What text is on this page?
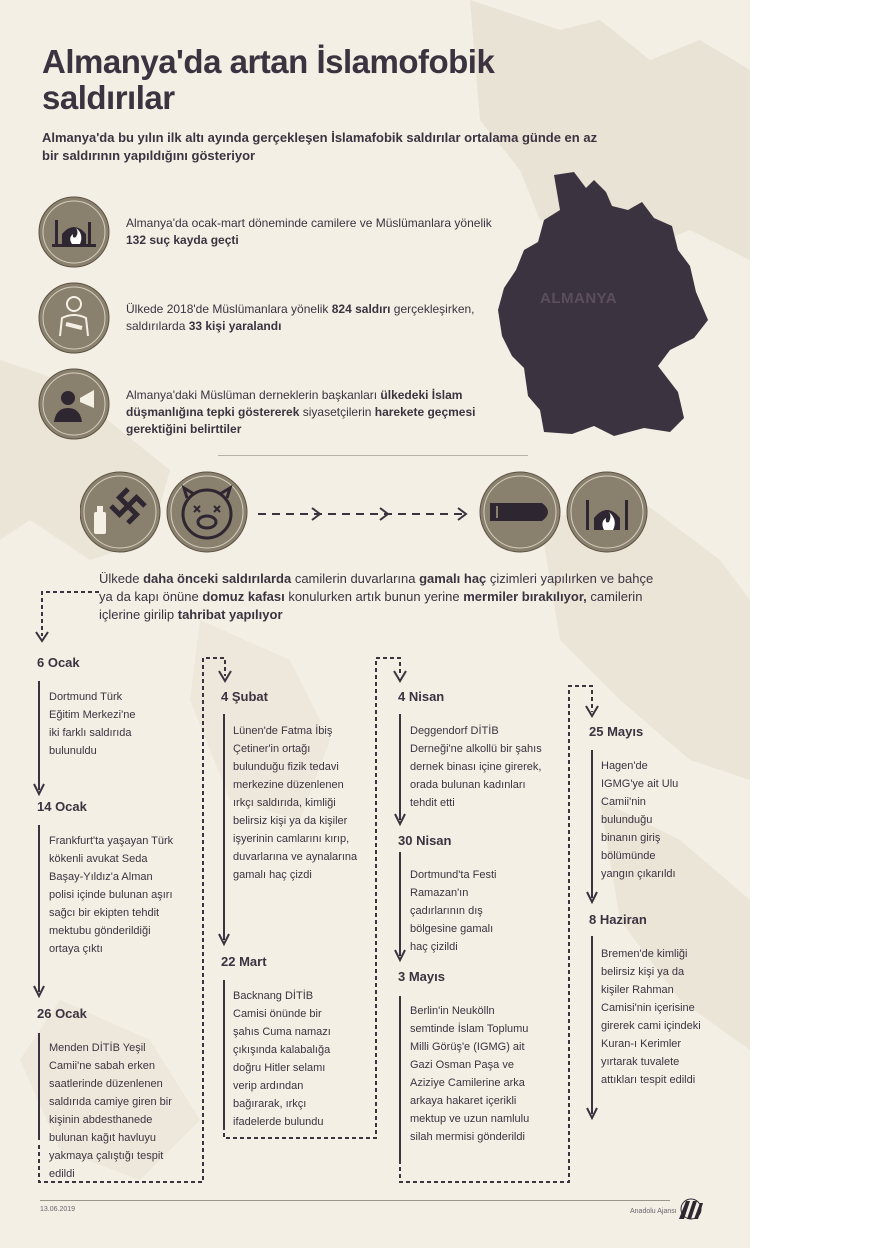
Almanya'da artan İslamofobik saldırılar
Almanya'da bu yılın ilk altı ayında gerçekleşen İslamafobik saldırılar ortalama günde en az bir saldırının yapıldığını gösteriyor
Almanya'da ocak-mart döneminde camilere ve Müslümanlara yönelik 132 suç kayda geçti
Ülkede 2018'de Müslümanlara yönelik 824 saldırı gerçekleşirken, saldırılarda 33 kişi yaralandı
Almanya'daki Müslüman derneklerin başkanları ülkedeki İslam düşmanlığına tepki göstererek siyasetçilerin harekete geçmesi gerektiğini belirttiler
ALMANYA
Ülkede daha önceki saldırılarda camilerin duvarlarına gamalı haç çizimleri yapılırken ve bahçe ya da kapı önüne domuz kafası konulurken artık bunun yerine mermiler bırakılıyor, camilerin içlerine girilip tahribat yapılıyor
6 Ocak
Dortmund Türk Eğitim Merkezi'ne iki farklı saldırıda bulunuldu
14 Ocak
Frankfurt'ta yaşayan Türk kökenli avukat Seda Başay-Yıldız'a Alman polisi içinde bulunan aşırı sağcı bir ekipten tehdit mektubu gönderildiği ortaya çıktı
26 Ocak
Menden DİTİB Yeşil Camii'ne sabah erken saatlerinde düzenlenen saldırıda camiye giren bir kişinin abdesthanede bulunan kağıt havluyu yakmaya çalıştığı tespit edildi
4 Şubat
Lünen'de Fatma İbiş Çetiner'in ortağı bulunduğu fizik tedavi merkezine düzenlenen ırkçı saldırıda, kimliği belirsiz kişi ya da kişiler işyerinin camlarını kırıp, duvarlarına ve aynalarına gamalı haç çizdi
22 Mart
Backnang DİTİB Camisi önünde bir şahıs Cuma namazı çıkışında kalabalığa doğru Hitler selamı verip ardından bağırarak, ırkçı ifadelerde bulundu
4 Nisan
Deggendorf DİTİB Derneği'ne alkollü bir şahıs dernek binası içine girerek, orada bulunan kadınları tehdit etti
30 Nisan
Dortmund'ta Festi Ramazan'ın çadırlarının dış bölgesine gamalı haç çizildi
3 Mayıs
Berlin'in Neukölln semtinde İslam Toplumu Milli Görüş'e (IGMG) ait Gazi Osman Paşa ve Aziziye Camilerine arka arkaya hakaret içerikli mektup ve uzun namlulu silah mermisi gönderildi
25 Mayıs
Hagen'de IGMG'ye ait Ulu Camii'nin bulunduğu binanın giriş bölümünde yangın çıkarıldı
8 Haziran
Bremen'de kimliği belirsiz kişi ya da kişiler Rahman Camisi'nin içerisine girerek cami içindeki Kuran-ı Kerimler yırtarak tuvalete attıkları tespit edildi
13.06.2019	Anadolu Ajansı
